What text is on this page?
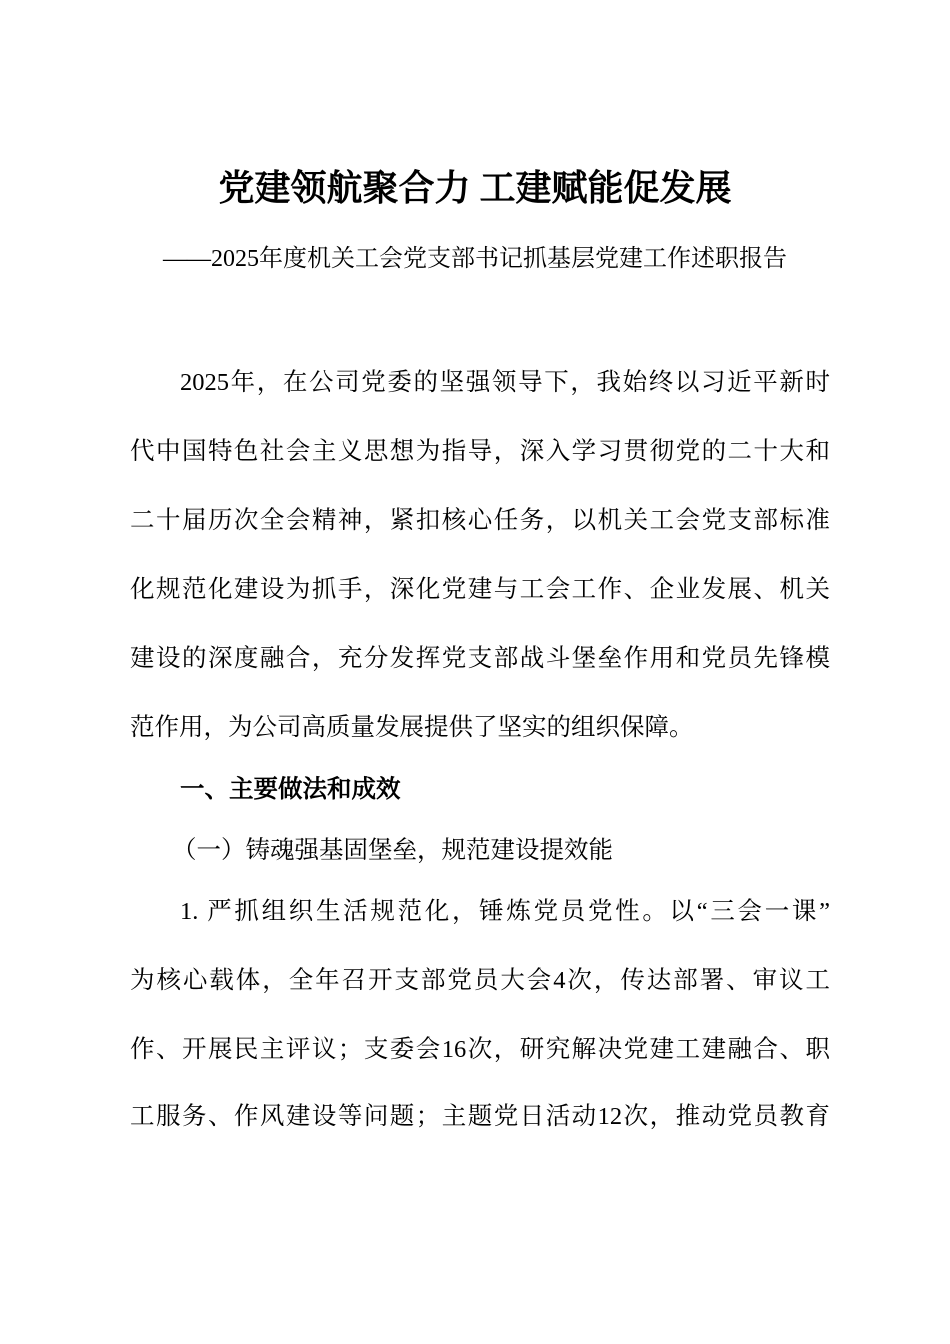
党建领航聚合力 工建赋能促发展
——2025年度机关工会党支部书记抓基层党建工作述职报告
2025年，在公司党委的坚强领导下，我始终以习近平新时
代中国特色社会主义思想为指导，深入学习贯彻党的二十大和
二十届历次全会精神，紧扣核心任务，以机关工会党支部标准
化规范化建设为抓手，深化党建与工会工作、企业发展、机关
建设的深度融合，充分发挥党支部战斗堡垒作用和党员先锋模
范作用，为公司高质量发展提供了坚实的组织保障。
一、主要做法和成效
（一）铸魂强基固堡垒，规范建设提效能
1. 严抓组织生活规范化，锤炼党员党性。以“三会一课”
为核心载体，全年召开支部党员大会4次，传达部署、审议工
作、开展民主评议；支委会16次，研究解决党建工建融合、职
工服务、作风建设等问题；主题党日活动12次，推动党员教育
